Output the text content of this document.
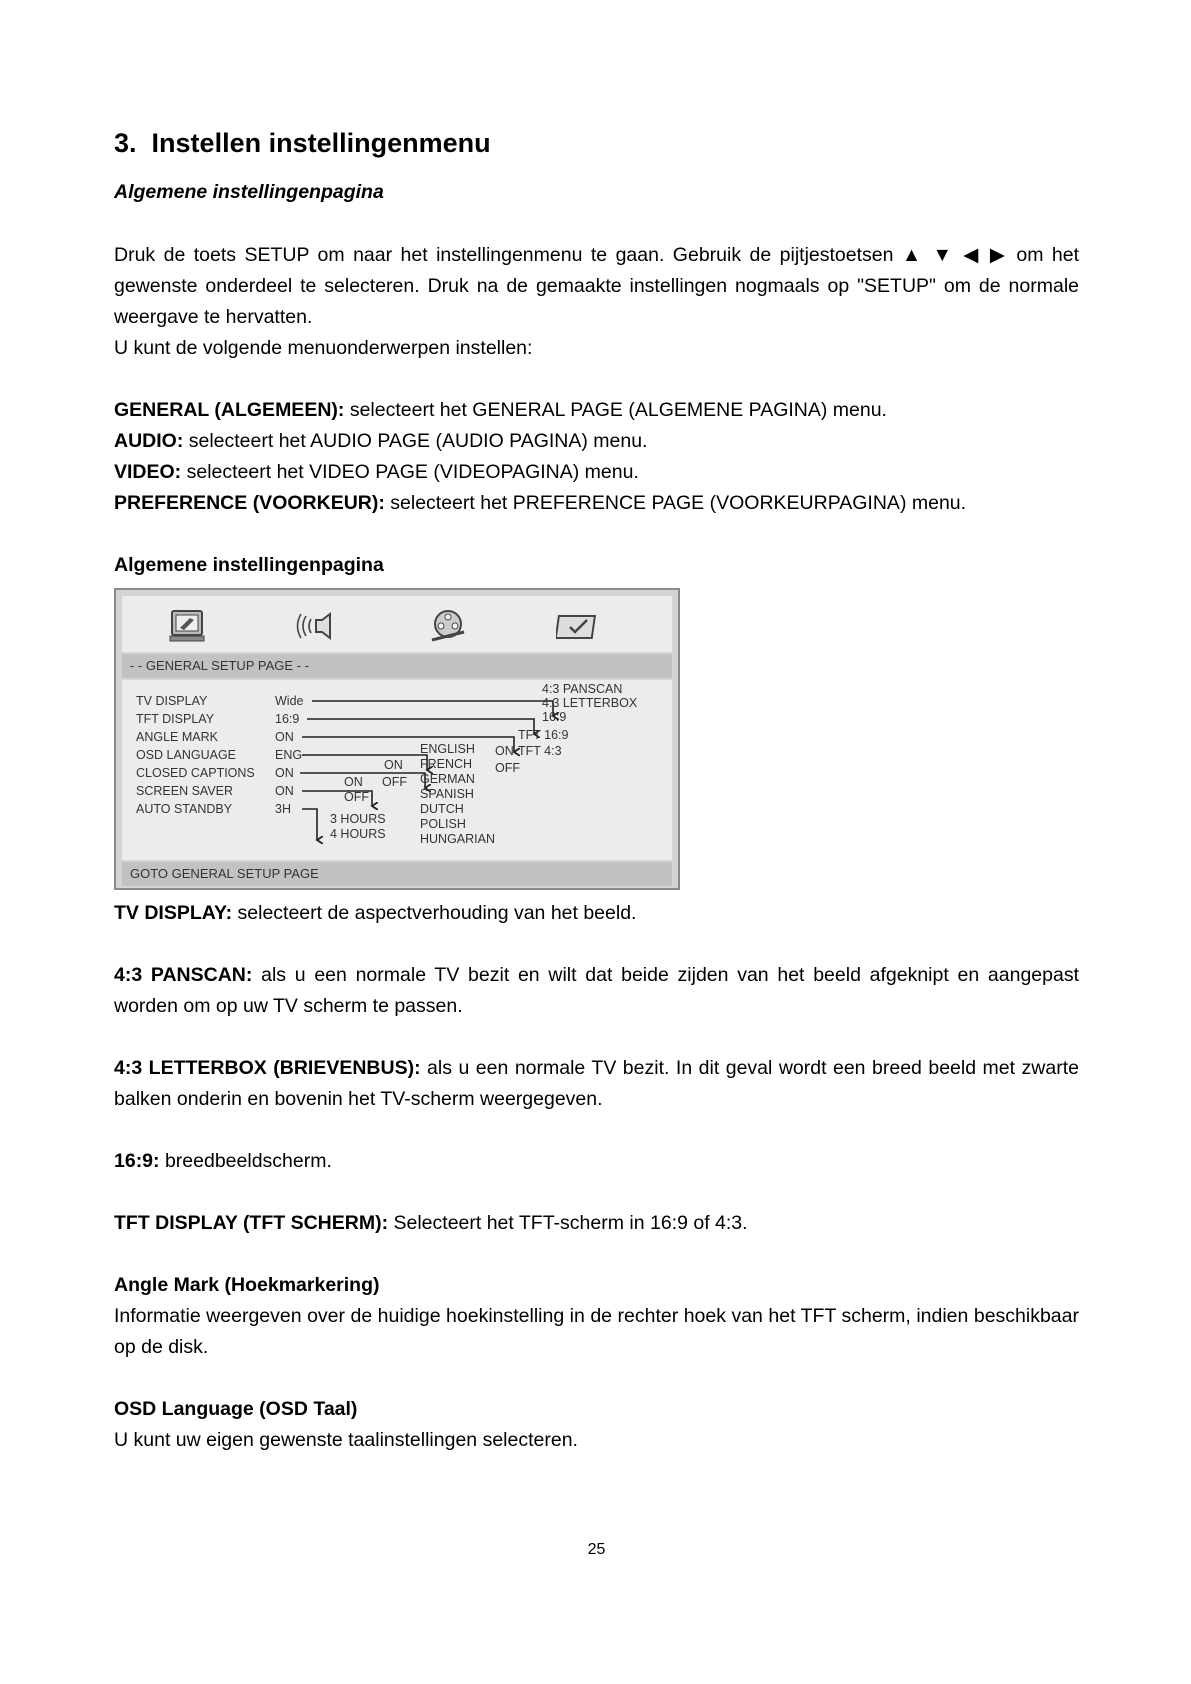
3. Instellen instellingenmenu
Algemene instellingenpagina

Druk de toets SETUP om naar het instellingenmenu te gaan. Gebruik de pijtjestoetsen ▲ ▼ ◀ ▶ om het gewenste onderdeel te selecteren. Druk na de gemaakte instellingen nogmaals op "SETUP" om de normale weergave te hervatten.

U kunt de volgende menuonderwerpen instellen:

GENERAL (ALGEMEEN): selecteert het GENERAL PAGE (ALGEMENE PAGINA) menu.

AUDIO: selecteert het AUDIO PAGE (AUDIO PAGINA) menu.

VIDEO: selecteert het VIDEO PAGE (VIDEOPAGINA) menu.

PREFERENCE (VOORKEUR): selecteert het PREFERENCE PAGE (VOORKEURPAGINA) menu.

Algemene instellingenpagina

- - GENERAL SETUP PAGE - -
TV DISPLAY
TFT DISPLAY
ANGLE MARK
OSD LANGUAGE
CLOSED CAPTIONS
SCREEN SAVER
AUTO STANDBY
Wide
16:9
ON
ENG
ON
ON
3H
4:3 PANSCAN
4:3 LETTERBOX
16:9
TFT 16:9
TFT 4:3
ON
OFF
ENGLISH
FRENCH
GERMAN
SPANISH
DUTCH
POLISH
HUNGARIAN
ON
OFF
ON
OFF
3 HOURS
4 HOURS
GOTO GENERAL SETUP PAGE

TV DISPLAY: selecteert de aspectverhouding van het beeld.

4:3 PANSCAN: als u een normale TV bezit en wilt dat beide zijden van het beeld afgeknipt en aangepast worden om op uw TV scherm te passen.

4:3 LETTERBOX (BRIEVENBUS): als u een normale TV bezit. In dit geval wordt een breed beeld met zwarte balken onderin en bovenin het TV-scherm weergegeven.

16:9: breedbeeldscherm.

TFT DISPLAY (TFT SCHERM): Selecteert het TFT-scherm in 16:9 of 4:3.

Angle Mark (Hoekmarkering)

Informatie weergeven over de huidige hoekinstelling in de rechter hoek van het TFT scherm, indien beschikbaar op de disk.

OSD Language (OSD Taal)

U kunt uw eigen gewenste taalinstellingen selecteren.

25
